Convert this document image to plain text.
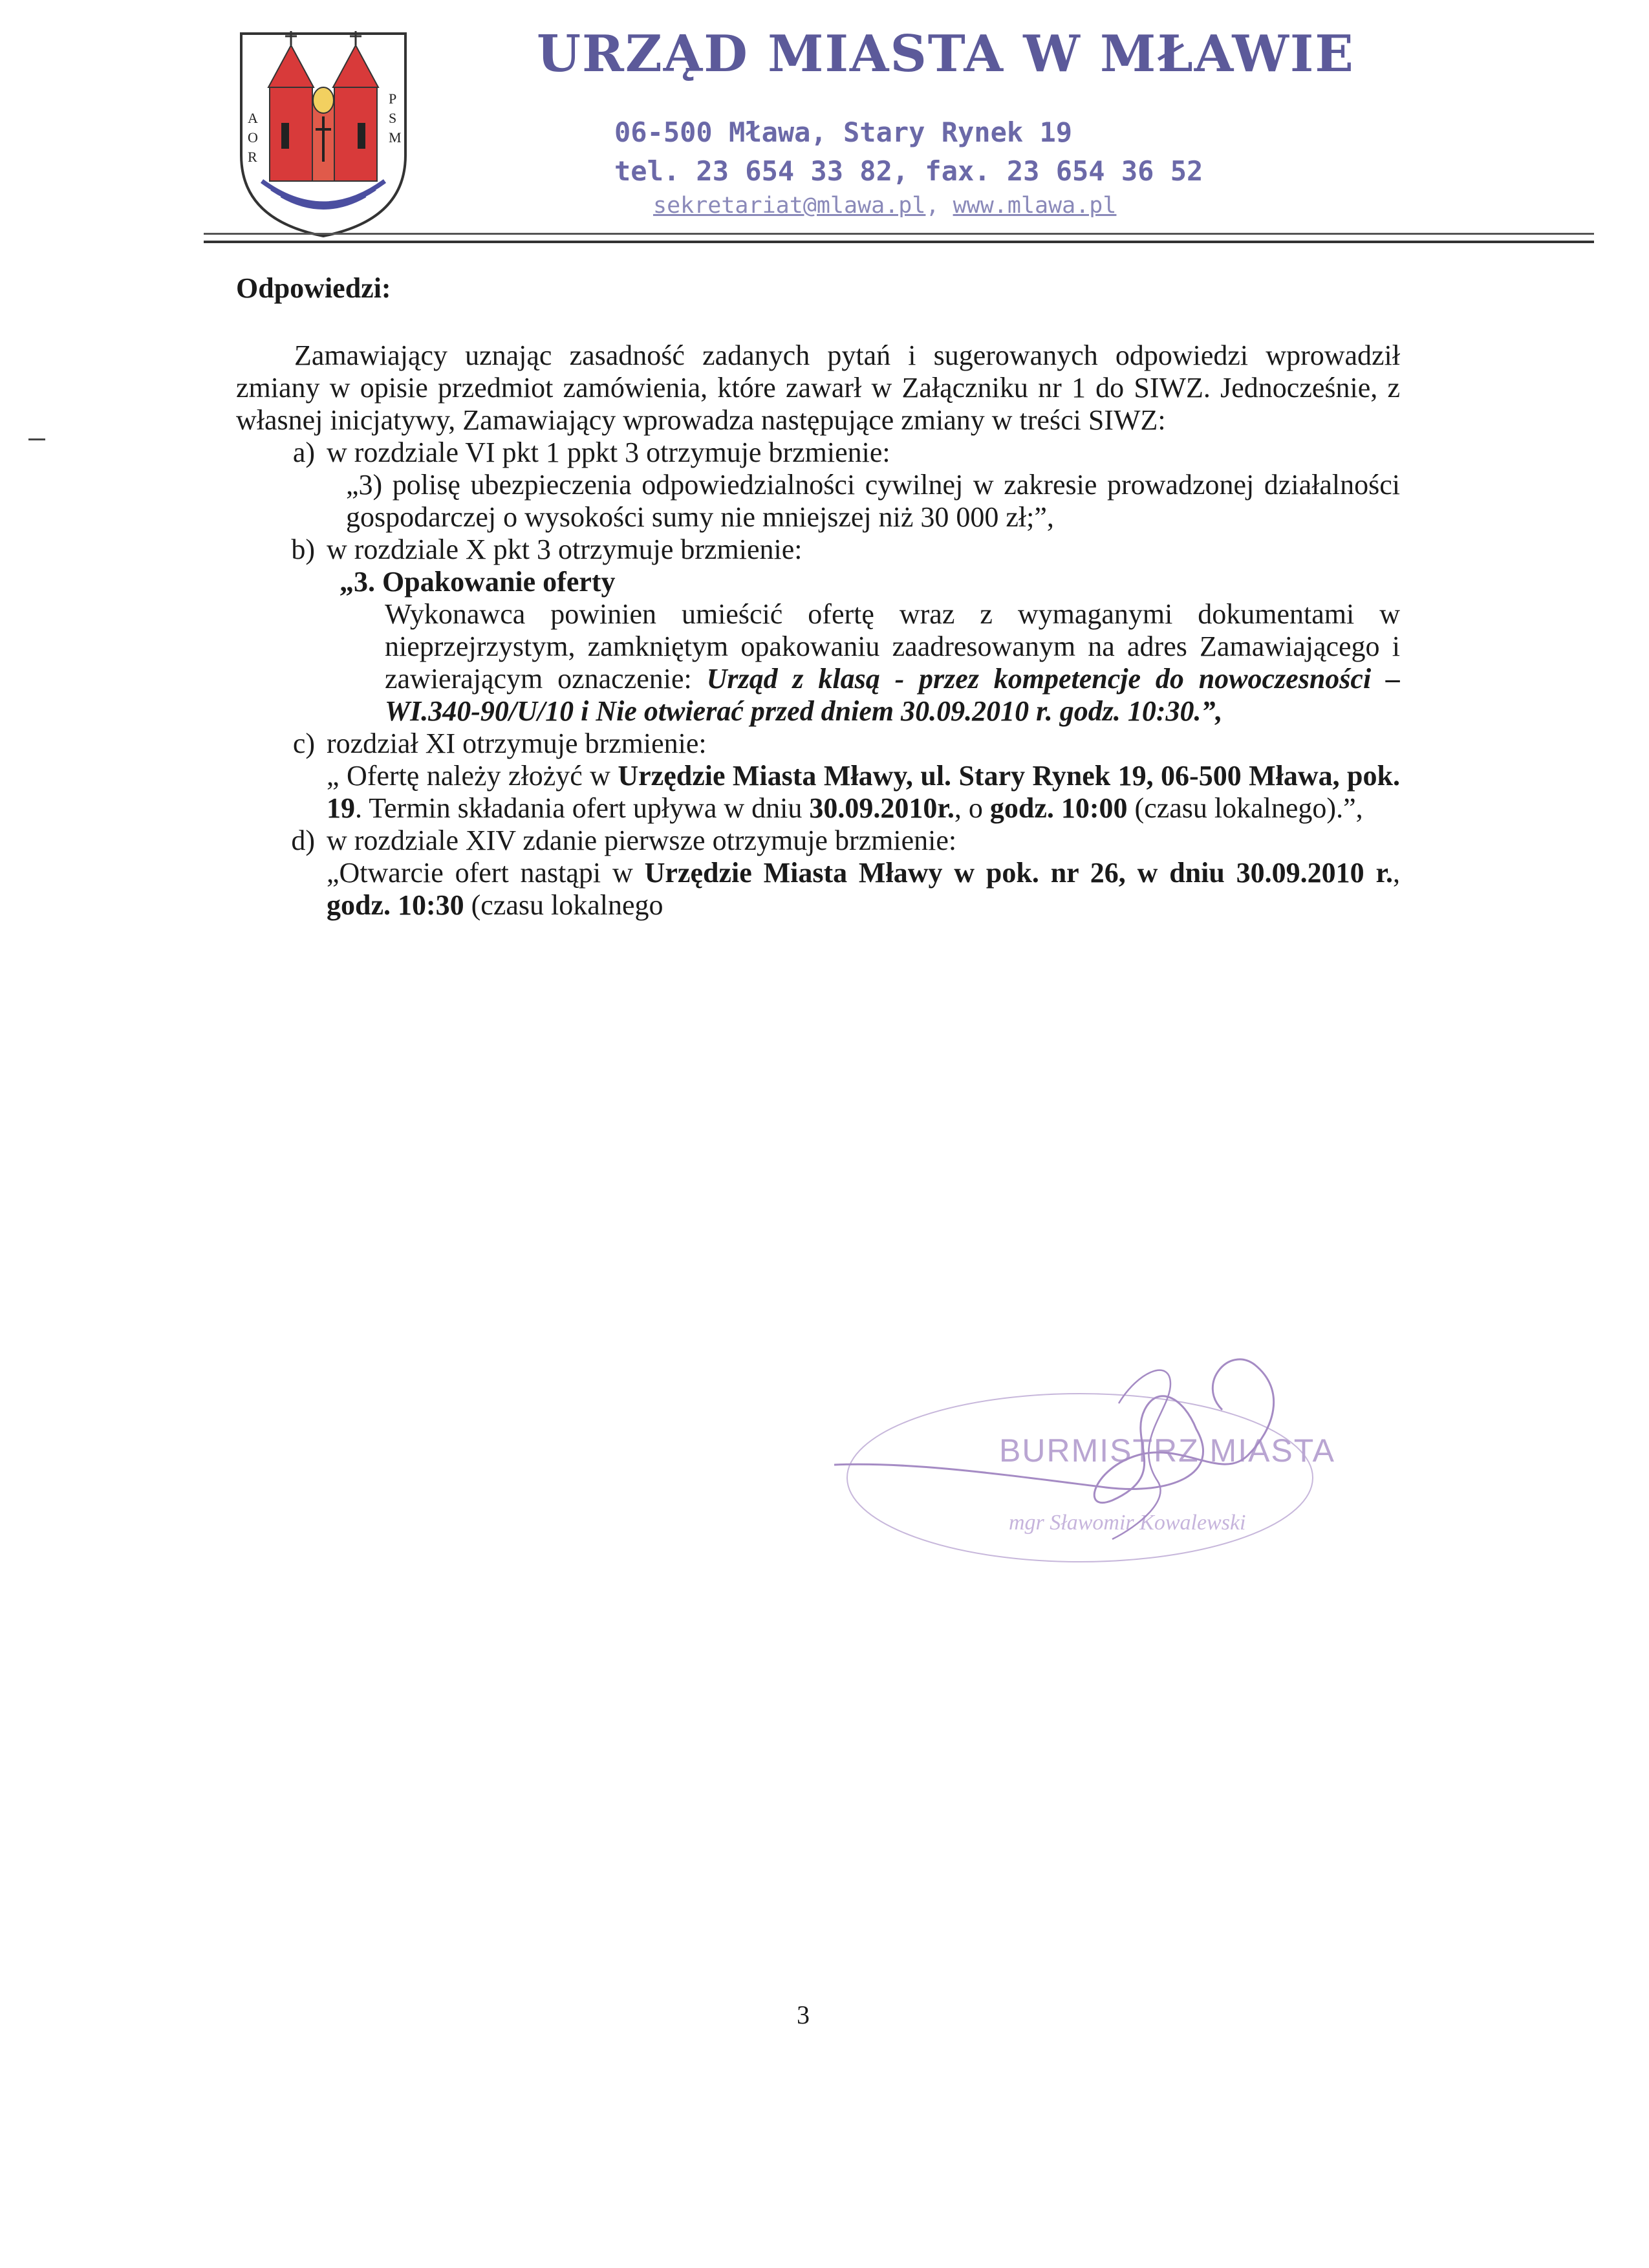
A
O
R
P
S
M
URZĄD MIASTA W MŁAWIE
06-500 Mława, Stary Rynek 19
tel. 23 654 33 82, fax. 23 654 36 52
sekretariat@mlawa.pl, www.mlawa.pl
Odpowiedzi:

Zamawiający uznając zasadność zadanych pytań i sugerowanych odpowiedzi wprowadził zmiany w opisie przedmiot zamówienia, które zawarł w Załączniku nr 1 do SIWZ. Jednocześnie, z własnej inicjatywy, Zamawiający wprowadza następujące zmiany w treści SIWZ:

a) w rozdziale VI pkt 1 ppkt 3 otrzymuje brzmienie:
„3) polisę ubezpieczenia odpowiedzialności cywilnej w zakresie prowadzonej działalności gospodarczej o wysokości sumy nie mniejszej niż 30 000 zł;”,
b) w rozdziale X pkt 3 otrzymuje brzmienie:
„3. Opakowanie oferty
Wykonawca powinien umieścić ofertę wraz z wymaganymi dokumentami w nieprzejrzystym, zamkniętym opakowaniu zaadresowanym na adres Zamawiającego i zawierającym oznaczenie: Urząd z klasą - przez kompetencje do nowoczesności – WI.340-90/U/10 i Nie otwierać przed dniem 30.09.2010 r. godz. 10:30.”,
c) rozdział XI otrzymuje brzmienie:
„ Ofertę należy złożyć w Urzędzie Miasta Mławy, ul. Stary Rynek 19, 06-500 Mława, pok. 19. Termin składania ofert upływa w dniu 30.09.2010r., o godz. 10:00 (czasu lokalnego).”,
d) w rozdziale XIV zdanie pierwsze otrzymuje brzmienie:
„Otwarcie ofert nastąpi w Urzędzie Miasta Mławy w pok. nr 26, w dniu 30.09.2010 r., godz. 10:30 (czasu lokalnego
BURMISTRZ MIASTA
mgr Sławomir Kowalewski
3
